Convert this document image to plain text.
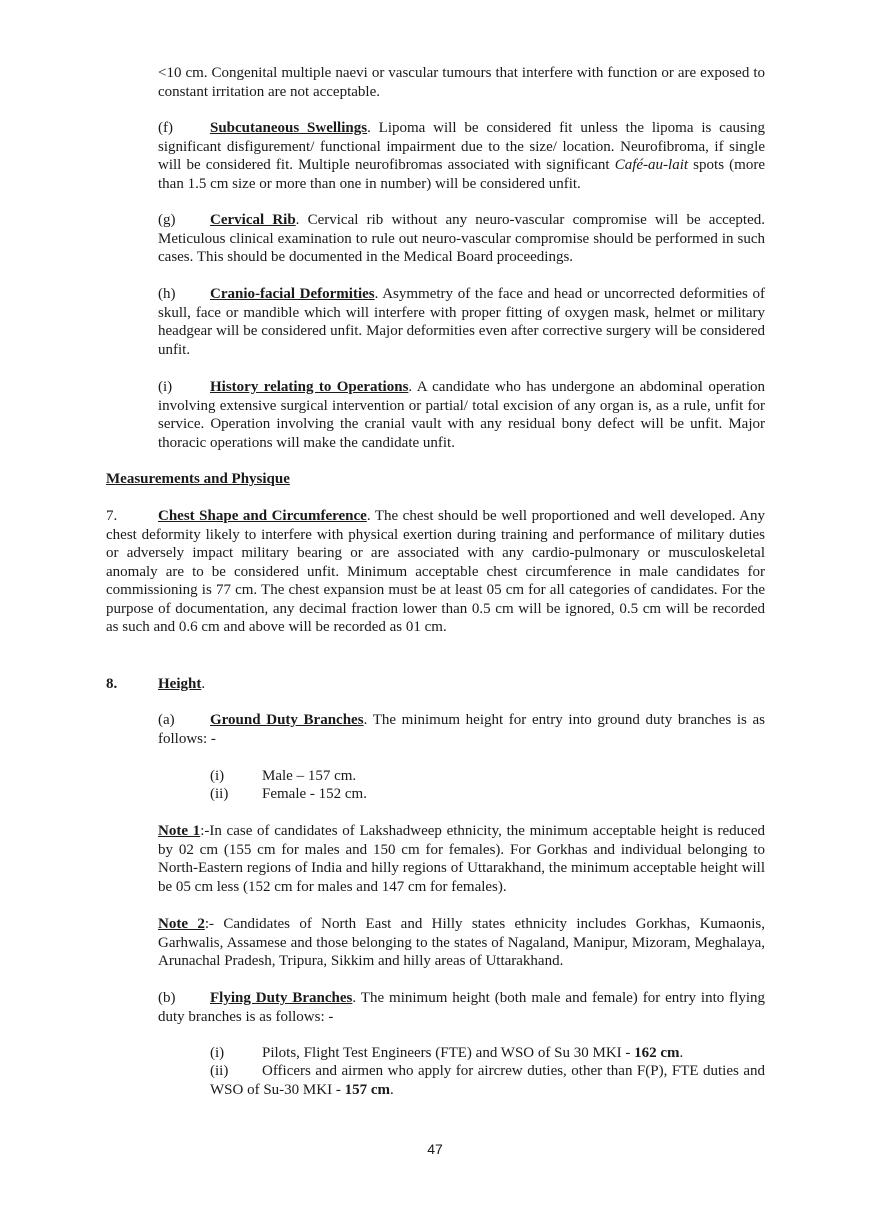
<10 cm. Congenital multiple naevi or vascular tumours that interfere with function or are exposed to constant irritation are not acceptable.

(f) Subcutaneous Swellings. Lipoma will be considered fit unless the lipoma is causing significant disfigurement/ functional impairment due to the size/ location. Neurofibroma, if single will be considered fit. Multiple neurofibromas associated with significant Café-au-lait spots (more than 1.5 cm size or more than one in number) will be considered unfit.

(g) Cervical Rib. Cervical rib without any neuro-vascular compromise will be accepted. Meticulous clinical examination to rule out neuro-vascular compromise should be performed in such cases. This should be documented in the Medical Board proceedings.

(h) Cranio-facial Deformities. Asymmetry of the face and head or uncorrected deformities of skull, face or mandible which will interfere with proper fitting of oxygen mask, helmet or military headgear will be considered unfit. Major deformities even after corrective surgery will be considered unfit.

(i)	History relating to Operations. A candidate who has undergone an abdominal operation involving extensive surgical intervention or partial/ total excision of any organ is, as a rule, unfit for service. Operation involving the cranial vault with any residual bony defect will be unfit. Major thoracic operations will make the candidate unfit.

Measurements and Physique

7.	Chest Shape and Circumference. The chest should be well proportioned and well developed. Any chest deformity likely to interfere with physical exertion during training and performance of military duties or adversely impact military bearing or are associated with any cardio-pulmonary or musculoskeletal anomaly are to be considered unfit. Minimum acceptable chest circumference in male candidates for commissioning is 77 cm. The chest expansion must be at least 05 cm for all categories of candidates. For the purpose of documentation, any decimal fraction lower than 0.5 cm will be ignored, 0.5 cm will be recorded as such and 0.6 cm and above will be recorded as 01 cm.

8.	Height.

(a) Ground Duty Branches. The minimum height for entry into ground duty branches is as follows: -

(i)	Male – 157 cm.
(ii) Female - 152 cm.

Note 1:-In case of candidates of Lakshadweep ethnicity, the minimum acceptable height is reduced by 02 cm (155 cm for males and 150 cm for females). For Gorkhas and individual belonging to North-Eastern regions of India and hilly regions of Uttarakhand, the minimum acceptable height will be 05 cm less (152 cm for males and 147 cm for females).

Note 2:- Candidates of North East and Hilly states ethnicity includes Gorkhas, Kumaonis, Garhwalis, Assamese and those belonging to the states of Nagaland, Manipur, Mizoram, Meghalaya, Arunachal Pradesh, Tripura, Sikkim and hilly areas of Uttarakhand.

(b) Flying Duty Branches. The minimum height (both male and female) for entry into flying duty branches is as follows: -

(i)	Pilots, Flight Test Engineers (FTE) and WSO of Su 30 MKI - 162 cm.

(ii) Officers and airmen who apply for aircrew duties, other than F(P), FTE duties and WSO of Su-30 MKI - 157 cm.

47
